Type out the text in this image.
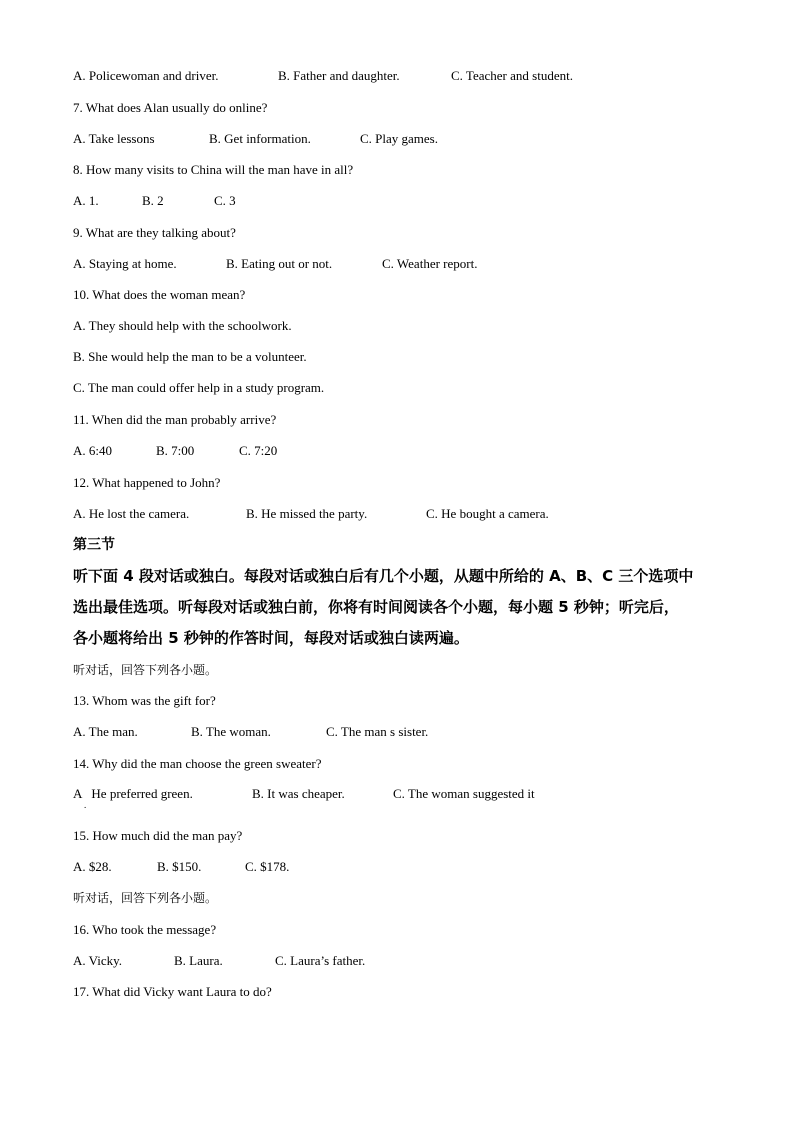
A. Policewoman and driver.	B. Father and daughter.	C. Teacher and student.
7. What does Alan usually do online?
A. Take lessons	B. Get information.	C. Play games.
8. How many visits to China will the man have in all?
A. 1.	B. 2	C. 3
9. What are they talking about?
A. Staying at home.	B. Eating out or not.	C. Weather report.
10. What does the woman mean?
A. They should help with the schoolwork.
B. She would help the man to be a volunteer.
C. The man could offer help in a study program.
11. When did the man probably arrive?
A. 6:40	B. 7:00	C. 7:20
12. What happened to John?
A. He lost the camera.	B. He missed the party.	C. He bought a camera.
第三节
听下面 4 段对话或独白。每段对话或独白后有几个小题，从题中所给的 A、B、C 三个选项中
选出最佳选项。听每段对话或独白前，你将有时间阅读各个小题，每小题 5 秒钟；听完后，
各小题将给出 5 秒钟的作答时间，每段对话或独白读两遍。
听对话，回答下列各小题。
13. Whom was the gift for?
A. The man.	B. The woman.	C. The man s sister.
14. Why did the man choose the green sweater?
A   He preferred green.	B. It was cheaper.	C. The woman suggested it
.
15. How much did the man pay?
A. $28.	B. $150.	C. $178.
听对话，回答下列各小题。
16. Who took the message?
A. Vicky.	B. Laura.	C. Laura’s father.
17. What did Vicky want Laura to do?
